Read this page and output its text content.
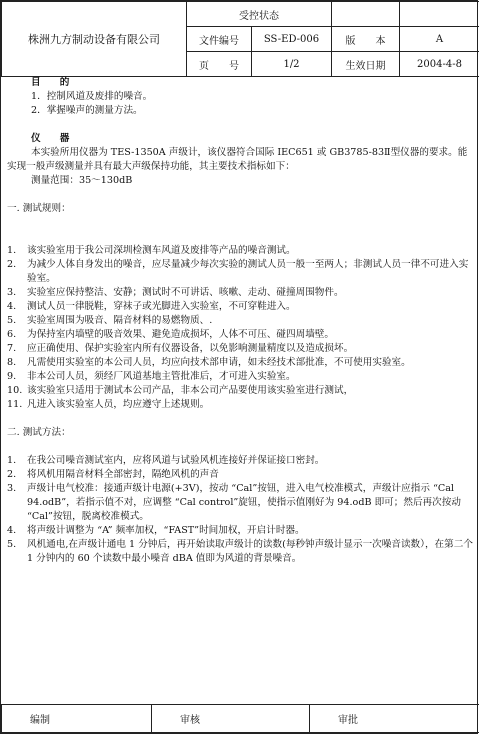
株洲九方制动设备有限公司	受控状态			
	文件编号	SS-ED-006	版　　本	A
	页　　号	1/2	生效日期	2004-4-8

目　　的

1．控制风道及废排的噪音。

2．掌握噪声的测量方法。

仪　　器

本实验所用仪器为 TES-1350A 声级计，该仪器符合国际 IEC651 或 GB3785-83Ⅱ型仪器的要求。能实现一般声级测量并具有最大声级保持功能，其主要技术指标如下：

测量范围：35～130dB

一. 测试规则：

1. 该实验室用于我公司深圳检测车风道及废排等产品的噪音测试。
2. 为减少人体自身发出的噪音，应尽量减少每次实验的测试人员一般一至两人；非测试人员一律不可进入实验室。
3. 实验室应保持整洁、安静；测试时不可讲话、咳嗽、走动、碰撞周围物件。
4. 测试人员一律脱鞋，穿袜子或光脚进入实验室，不可穿鞋进入。
5. 实验室周围为吸音、隔音材料的易燃物质、.
6. 为保持室内墙壁的吸音效果、避免造成损坏，人体不可压、碰四周墙壁。
7. 应正确使用、保护实验室内所有仪器设备，以免影响测量精度以及造成损坏。
8. 凡需使用实验室的本公司人员，均应向技术部申请，如未经技术部批准，不可使用实验室。
9. 非本公司人员，须经厂风道基地主管批准后，才可进入实验室。
10. 该实验室只适用于测试本公司产品，非本公司产品要使用该实验室进行测试，
11. 凡进入该实验室人员，均应遵守上述规则。

二. 测试方法：

1. 在我公司噪音测试室内，应将风道与试验风机连接好并保证接口密封。
2. 将风机用隔音材料全部密封，隔绝风机的声音
3. 声级计电气校准：接通声级计电源(+3V)，按动 “Cal”按钮，进入电气校准模式，声级计应指示 “Cal 94.odB”，若指示值不对，应调整 “Cal control”旋钮，使指示值刚好为 94.odB 即可；然后再次按动 “Cal”按钮，脱离校准模式。
4. 将声级计调整为 “A” 频率加权，“FAST”时间加权，开启计时器。
5. 风机通电,在声级计通电 1 分钟后，再开始读取声级计的读数(每秒钟声级计显示一次噪音读数），在第二个 1 分钟内的 60 个读数中最小噪音 dBA 值即为风道的背景噪音。
编制	审核	审批
